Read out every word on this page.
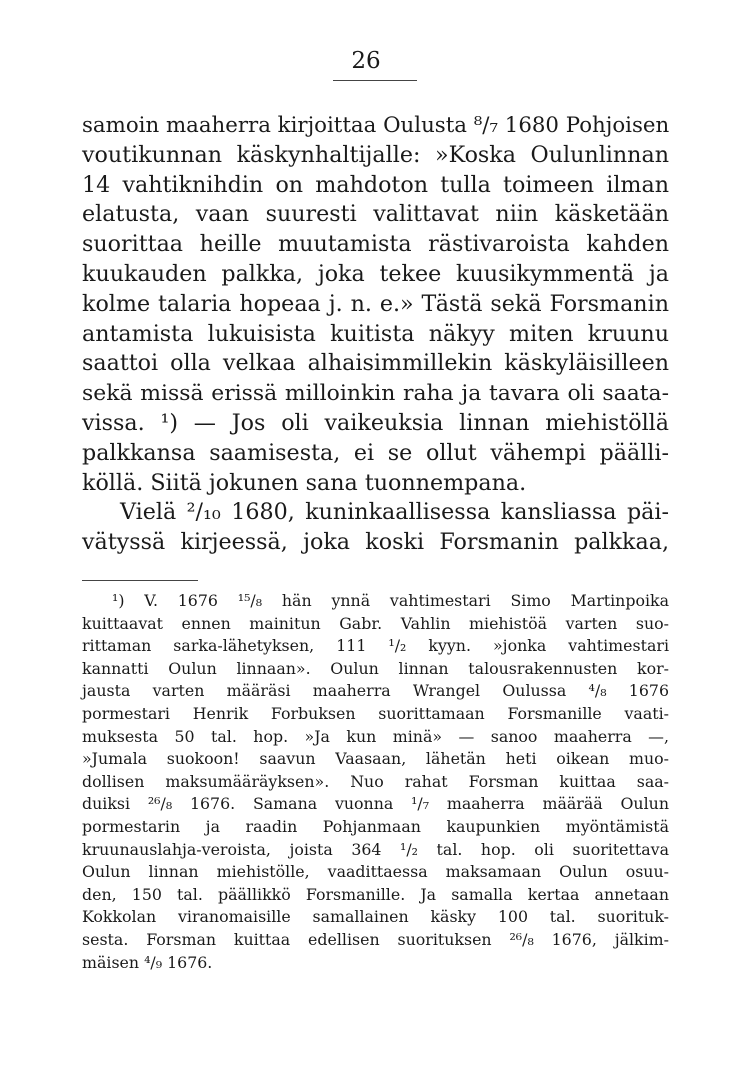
26

samoin maaherra kirjoittaa Oulusta ⁸/₇ 1680 Pohjoisen
voutikunnan käskynhaltijalle: »Koska Oulunlinnan
14 vahtiknihdin on mahdoton tulla toimeen ilman
elatusta, vaan suuresti valittavat niin käsketään
suorittaa heille muutamista rästivaroista kahden
kuukauden palkka, joka tekee kuusikymmentä ja
kolme talaria hopeaa j. n. e.» Tästä sekä Forsmanin
antamista lukuisista kuitista näkyy miten kruunu
saattoi olla velkaa alhaisimmillekin käskyläisilleen
sekä missä erissä milloinkin raha ja tavara oli saata-
vissa. ¹) — Jos oli vaikeuksia linnan miehistöllä
palkkansa saamisesta, ei se ollut vähempi päälli-
köllä. Siitä jokunen sana tuonnempana.
Vielä ²/₁₀ 1680, kuninkaallisessa kansliassa päi-
vätyssä kirjeessä, joka koski Forsmanin palkkaa,

¹) V. 1676 ¹⁵/₈ hän ynnä vahtimestari Simo Martinpoika
kuittaavat ennen mainitun Gabr. Vahlin miehistöä varten suo-
rittaman sarka-lähetyksen, 111 ¹/₂ kyyn. »jonka vahtimestari
kannatti Oulun linnaan». Oulun linnan talousrakennusten kor-
jausta varten määräsi maaherra Wrangel Oulussa ⁴/₈ 1676
pormestari Henrik Forbuksen suorittamaan Forsmanille vaati-
muksesta 50 tal. hop. »Ja kun minä» — sanoo maaherra —,
»Jumala suokoon! saavun Vaasaan, lähetän heti oikean muo-
dollisen maksumääräyksen». Nuo rahat Forsman kuittaa saa-
duiksi ²⁶/₈ 1676. Samana vuonna ¹/₇ maaherra määrää Oulun
pormestarin ja raadin Pohjanmaan kaupunkien myöntämistä
kruunauslahja-veroista, joista 364 ¹/₂ tal. hop. oli suoritettava
Oulun linnan miehistölle, vaadittaessa maksamaan Oulun osuu-
den, 150 tal. päällikkö Forsmanille. Ja samalla kertaa annetaan
Kokkolan viranomaisille samallainen käsky 100 tal. suorituk-
sesta. Forsman kuittaa edellisen suorituksen ²⁶/₈ 1676, jälkim-
mäisen ⁴/₉ 1676.
